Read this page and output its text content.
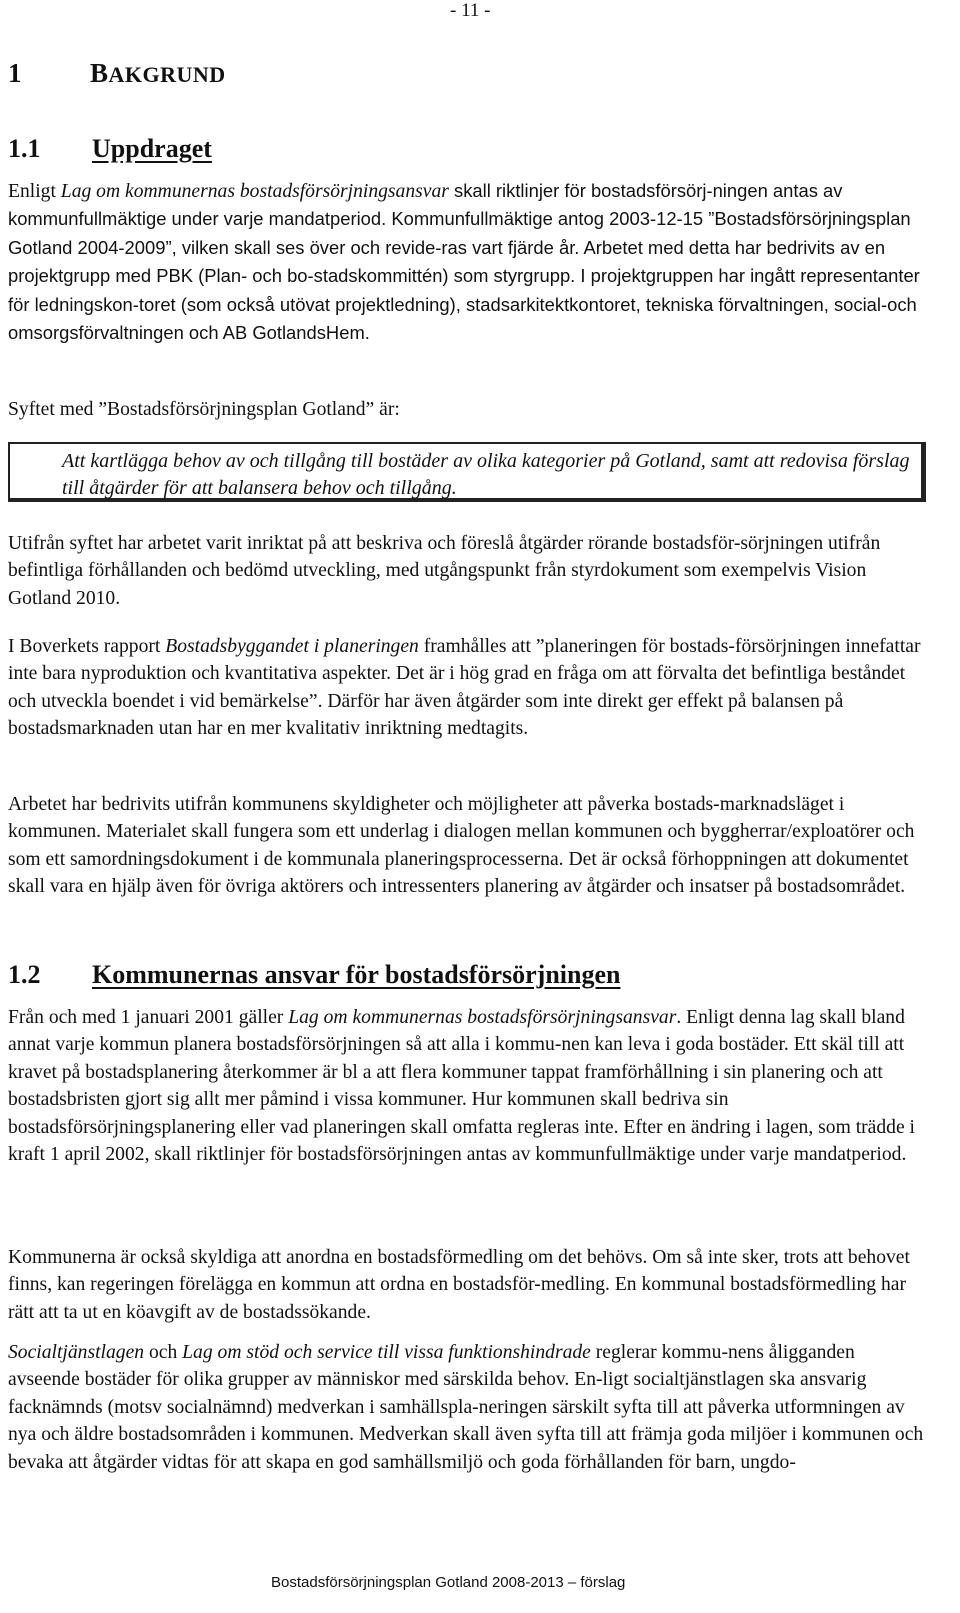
- 11 -
1	BAKGRUND
1.1 Uppdraget
Enligt Lag om kommunernas bostadsförsörjningsansvar skall riktlinjer för bostadsförsörj-ningen antas av kommunfullmäktige under varje mandatperiod. Kommunfullmäktige antog 2003-12-15 ”Bostadsförsörjningsplan Gotland 2004-2009”, vilken skall ses över och revide-ras vart fjärde år. Arbetet med detta har bedrivits av en projektgrupp med PBK (Plan- och bo-stadskommittén) som styrgrupp. I projektgruppen har ingått representanter för ledningskon-toret (som också utövat projektledning), stadsarkitektkontoret, tekniska förvaltningen, social-och omsorgsförvaltningen och AB GotlandsHem.
Syftet med ”Bostadsförsörjningsplan Gotland” är:
Att kartlägga behov av och tillgång till bostäder av olika kategorier på Gotland, samt att redovisa förslag till åtgärder för att balansera behov och tillgång.
Utifrån syftet har arbetet varit inriktat på att beskriva och föreslå åtgärder rörande bostadsför-sörjningen utifrån befintliga förhållanden och bedömd utveckling, med utgångspunkt från styrdokument som exempelvis Vision Gotland 2010.
I Boverkets rapport Bostadsbyggandet i planeringen framhålles att ”planeringen för bostads-försörjningen innefattar inte bara nyproduktion och kvantitativa aspekter. Det är i hög grad en fråga om att förvalta det befintliga beståndet och utveckla boendet i vid bemärkelse”. Därför har även åtgärder som inte direkt ger effekt på balansen på bostadsmarknaden utan har en mer kvalitativ inriktning medtagits.
Arbetet har bedrivits utifrån kommunens skyldigheter och möjligheter att påverka bostads-marknadsläget i kommunen. Materialet skall fungera som ett underlag i dialogen mellan kommunen och byggherrar/exploatörer och som ett samordningsdokument i de kommunala planeringsprocesserna. Det är också förhoppningen att dokumentet skall vara en hjälp även för övriga aktörers och intressenters planering av åtgärder och insatser på bostadsområdet.
1.2 Kommunernas ansvar för bostadsförsörjningen
Från och med 1 januari 2001 gäller Lag om kommunernas bostadsförsörjningsansvar. Enligt denna lag skall bland annat varje kommun planera bostadsförsörjningen så att alla i kommu-nen kan leva i goda bostäder. Ett skäl till att kravet på bostadsplanering återkommer är bl a att flera kommuner tappat framförhållning i sin planering och att bostadsbristen gjort sig allt mer påmind i vissa kommuner. Hur kommunen skall bedriva sin bostadsförsörjningsplanering eller vad planeringen skall omfatta regleras inte. Efter en ändring i lagen, som trädde i kraft 1 april 2002, skall riktlinjer för bostadsförsörjningen antas av kommunfullmäktige under varje mandatperiod.
Kommunerna är också skyldiga att anordna en bostadsförmedling om det behövs. Om så inte sker, trots att behovet finns, kan regeringen förelägga en kommun att ordna en bostadsför-medling. En kommunal bostadsförmedling har rätt att ta ut en köavgift av de bostadssökande.
Socialtjänstlagen och Lag om stöd och service till vissa funktionshindrade reglerar kommu-nens åligganden avseende bostäder för olika grupper av människor med särskilda behov. En-ligt socialtjänstlagen ska ansvarig facknämnds (motsv socialnämnd) medverkan i samhällspla-neringen särskilt syfta till att påverka utformningen av nya och äldre bostadsområden i kommunen. Medverkan skall även syfta till att främja goda miljöer i kommunen och bevaka att åtgärder vidtas för att skapa en god samhällsmiljö och goda förhållanden för barn, ungdo-
Bostadsförsörjningsplan Gotland 2008-2013 – förslag
